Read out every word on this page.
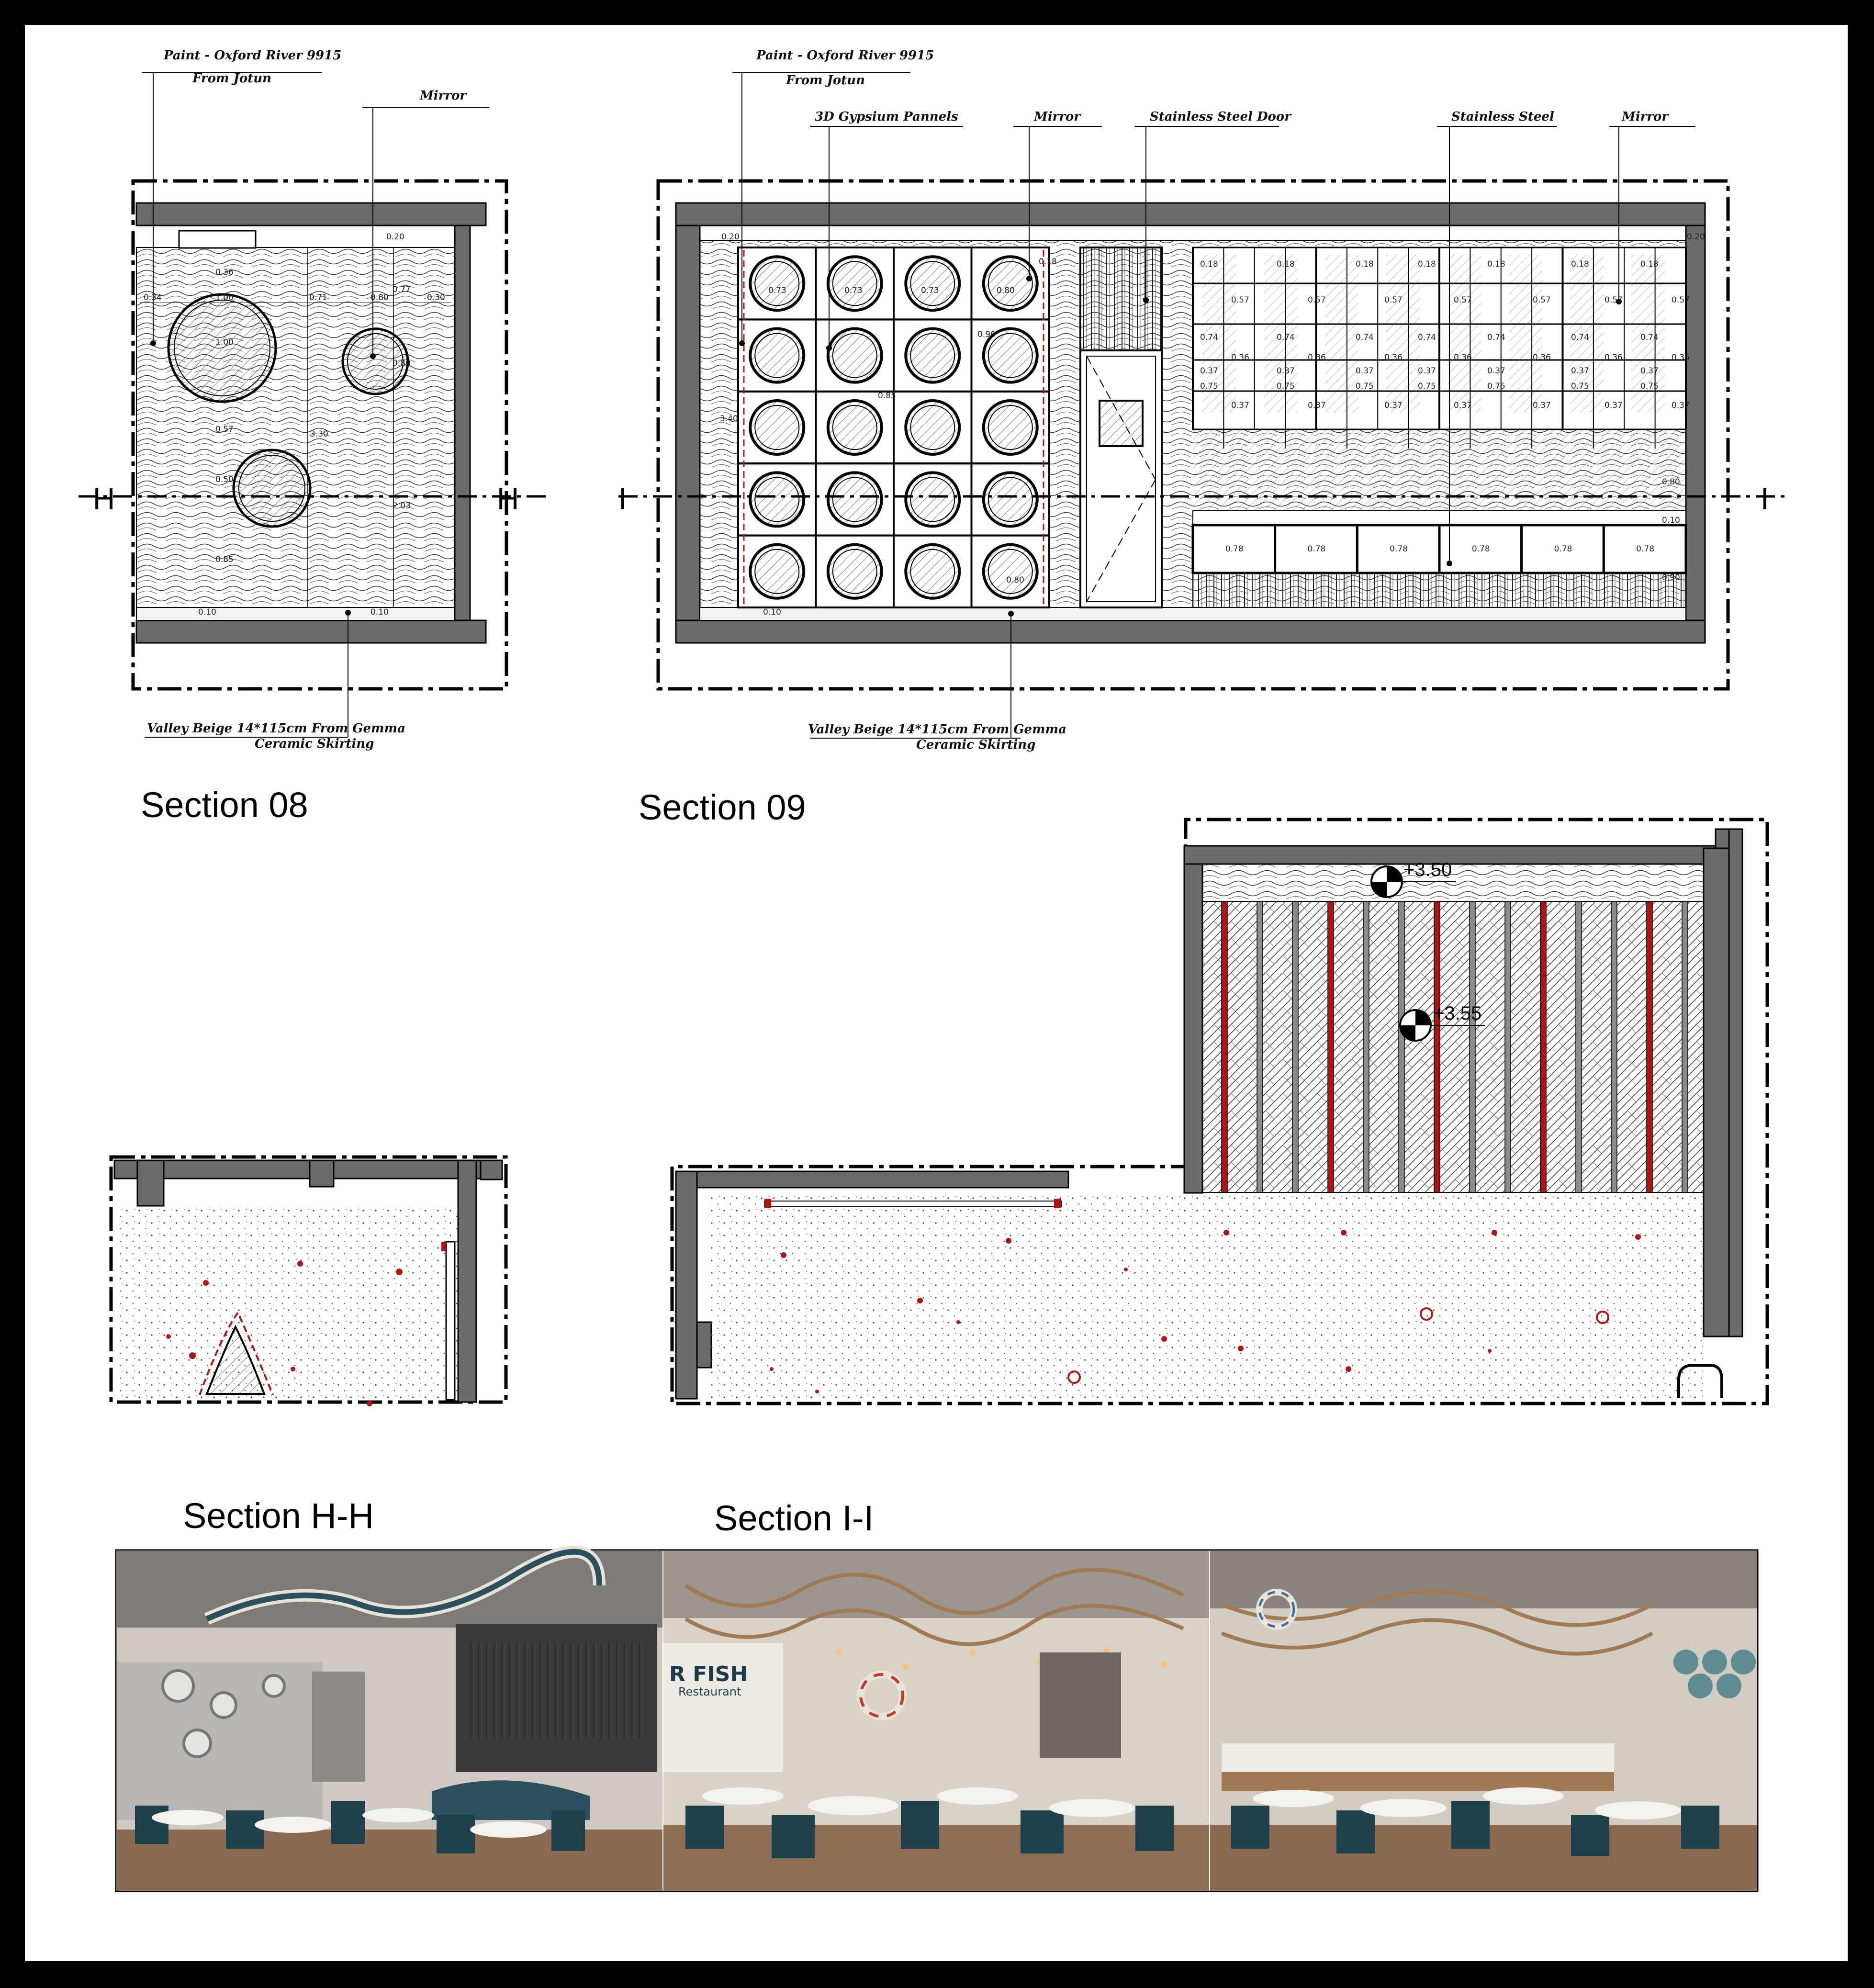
H	H
Paint - Oxford River 9915
From Jotun
Mirror
Valley Beige 14*115cm From Gemma
Ceramic Skirting
0.20
0.36
0.34	1.00	0.71	0.80	0.30
0.77
1.00
0.80
0.57	3.30
0.50
2.03
0.85
0.10	0.10
Section 08
0.78	0.78	0.78	0.78	0.78	0.78
I	I
Paint - Oxford River 9915
From Jotun
3D Gypsium Pannels	Mirror	Stainless Steel Door	Stainless Steel	Mirror
Valley Beige 14*115cm From Gemma
Ceramic Skirting
0.20
3.40
0.73	0.73	0.73	0.80
0.18
0.90
0.85
0.80
0.10
0.20
0.80
0.10
0.90
0.18	0.18	0.18	0.18	0.18	0.18	0.18
0.57	0.57	0.57	0.57	0.57	0.57	0.57
0.74	0.74	0.74	0.74	0.74	0.74	0.74
0.36	0.36	0.36	0.36	0.36	0.36	0.36
0.37	0.37	0.37	0.37	0.37	0.37	0.37
0.37	0.37	0.37	0.37	0.37	0.37	0.37
0.75	0.75	0.75	0.75	0.75	0.75	0.75
Section 09
Section H-H
+3.50
+3.55
Section I-I
R FISH
Restaurant
